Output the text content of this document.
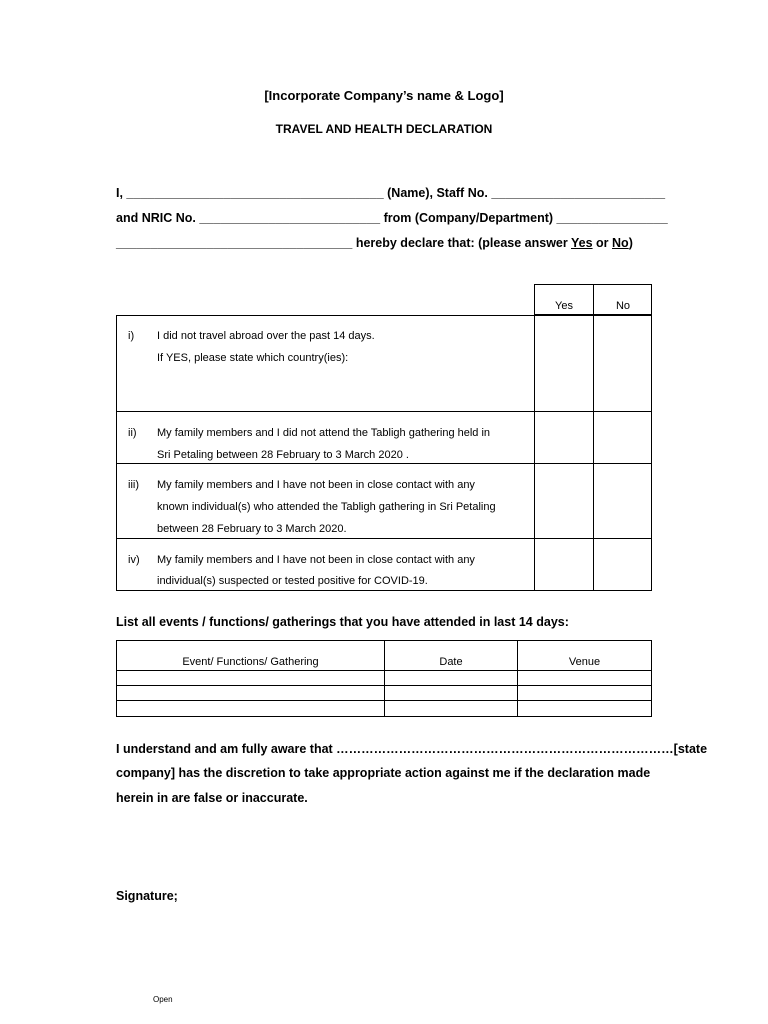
[Incorporate Company’s name & Logo]
TRAVEL AND HEALTH DECLARATION
I, _____________________________________ (Name), Staff No. _________________________
and NRIC No. __________________________ from (Company/Department) ________________
__________________________________ hereby declare that: (please answer Yes or No)
Yes	No
i) I did not travel abroad over the past 14 days.
If YES, please state which country(ies):
ii) My family members and I did not attend the Tabligh gathering held in
Sri Petaling between 28 February to 3 March 2020 .
iii) My family members and I have not been in close contact with any
known individual(s) who attended the Tabligh gathering in Sri Petaling
between 28 February to 3 March 2020.
iv) My family members and I have not been in close contact with any
individual(s) suspected or tested positive for COVID-19.
List all events / functions/ gatherings that you have attended in last 14 days:
Event/ Functions/ Gathering	Date	Venue
I understand and am fully aware that ………………………………………………………………………[state
company] has the discretion to take appropriate action against me if the declaration made
herein in are false or inaccurate.
Signature;
Open
